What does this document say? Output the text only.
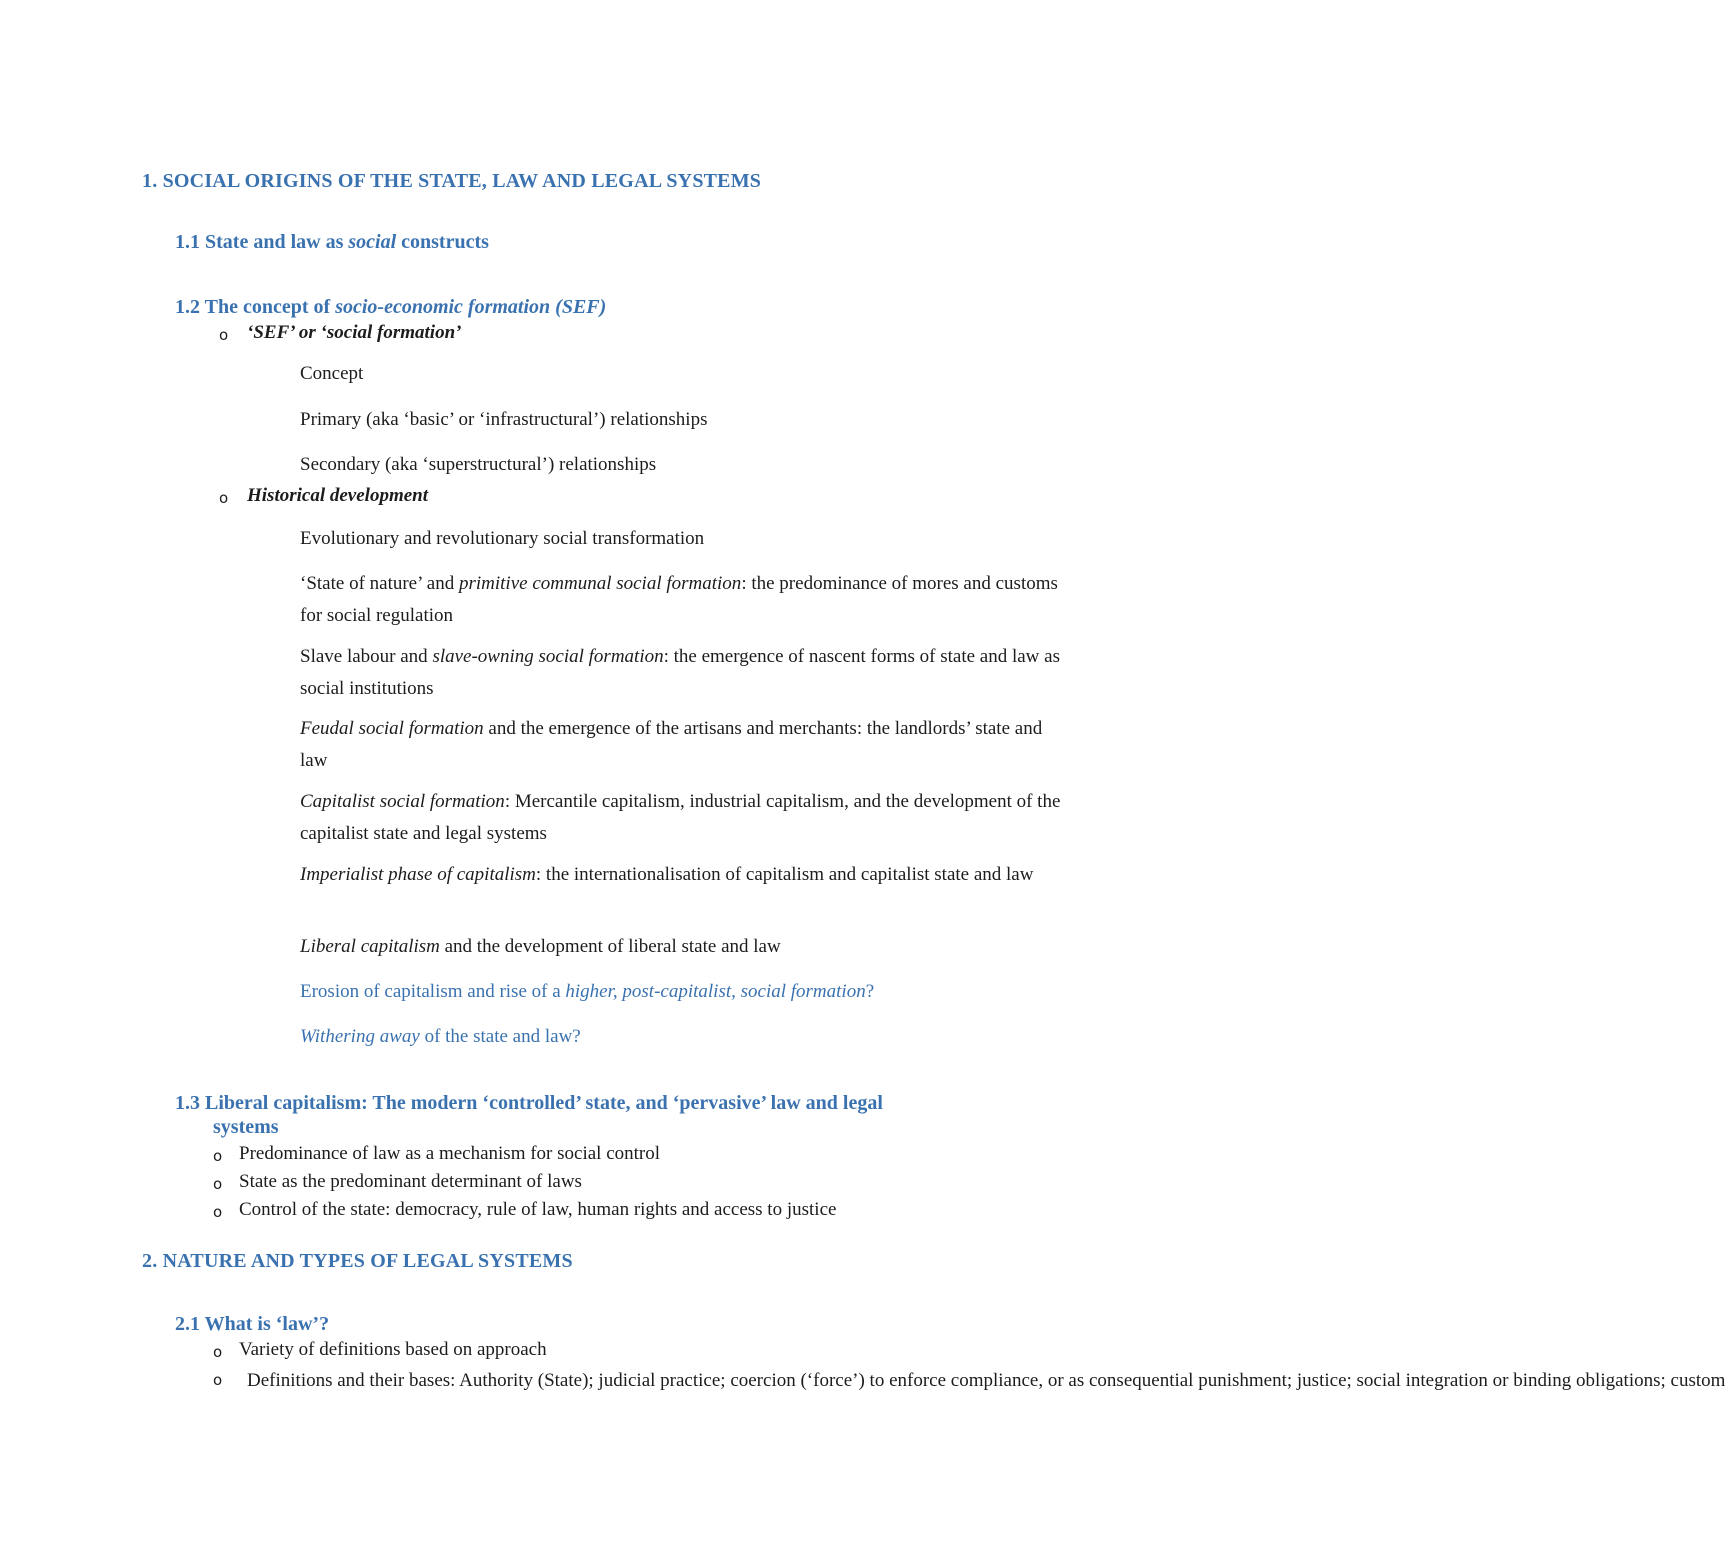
1. SOCIAL ORIGINS OF THE STATE, LAW AND LEGAL SYSTEMS
1.1 State and law as social constructs
1.2 The concept of socio-economic formation (SEF)
o ‘SEF’ or ‘social formation’
Concept
Primary (aka ‘basic’ or ‘infrastructural’) relationships
Secondary (aka ‘superstructural’) relationships
o Historical development
Evolutionary and revolutionary social transformation
‘State of nature’ and primitive communal social formation: the predominance of mores and customs for social regulation
Slave labour and slave-owning social formation: the emergence of nascent forms of state and law as social institutions
Feudal social formation and the emergence of the artisans and merchants: the landlords’ state and law
Capitalist social formation: Mercantile capitalism, industrial capitalism, and the development of the capitalist state and legal systems
Imperialist phase of capitalism: the internationalisation of capitalism and capitalist state and law
Liberal capitalism and the development of liberal state and law
Erosion of capitalism and rise of a higher, post-capitalist, social formation?
Withering away of the state and law?
1.3 Liberal capitalism: The modern ‘controlled’ state, and ‘pervasive’ law and legal
systems
o Predominance of law as a mechanism for social control
o State as the predominant determinant of laws
o Control of the state: democracy, rule of law, human rights and access to justice
2. NATURE AND TYPES OF LEGAL SYSTEMS
2.1 What is ‘law’?
o Variety of definitions based on approach
o Definitions and their bases: Authority (State); judicial practice; coercion (‘force’) to enforce compliance, or as consequential punishment; justice; social integration or binding obligations; custom
